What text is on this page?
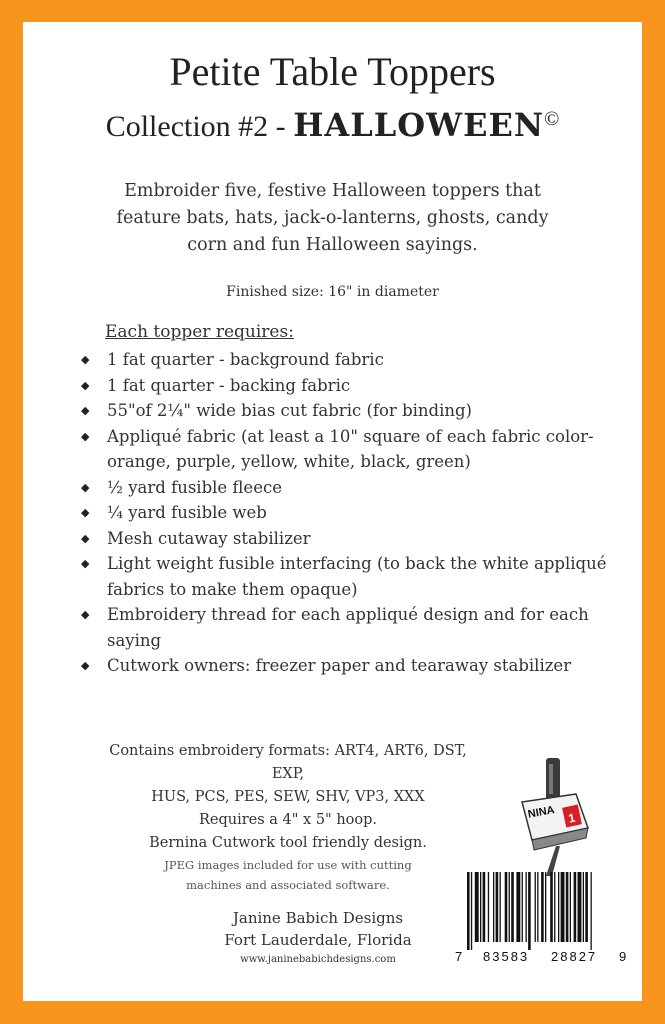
Petite Table Toppers
Collection #2 - HALLOWEEN©
Embroider five, festive Halloween toppers that feature bats, hats, jack-o-lanterns, ghosts, candy corn and fun Halloween sayings.
Finished size: 16" in diameter
Each topper requires:
◆ 1 fat quarter - background fabric
◆ 1 fat quarter - backing fabric
◆ 55"of 2¼" wide bias cut fabric (for binding)
◆ Appliqué fabric (at least a 10" square of each fabric color- orange, purple, yellow, white, black, green)
◆ ½ yard fusible fleece
◆ ¼ yard fusible web
◆ Mesh cutaway stabilizer
◆ Light weight fusible interfacing (to back the white appliqué fabrics to make them opaque)
◆ Embroidery thread for each appliqué design and for each saying
◆ Cutwork owners: freezer paper and tearaway stabilizer
Contains embroidery formats: ART4, ART6, DST, EXP,
HUS, PCS, PES, SEW, SHV, VP3, XXX
Requires a 4" x 5" hoop.
Bernina Cutwork tool friendly design.
JPEG images included for use with cutting
machines and associated software.
NINA 1
Janine Babich Designs
Fort Lauderdale, Florida
www.janinebabichdesigns.com	7 83583 28827 9
